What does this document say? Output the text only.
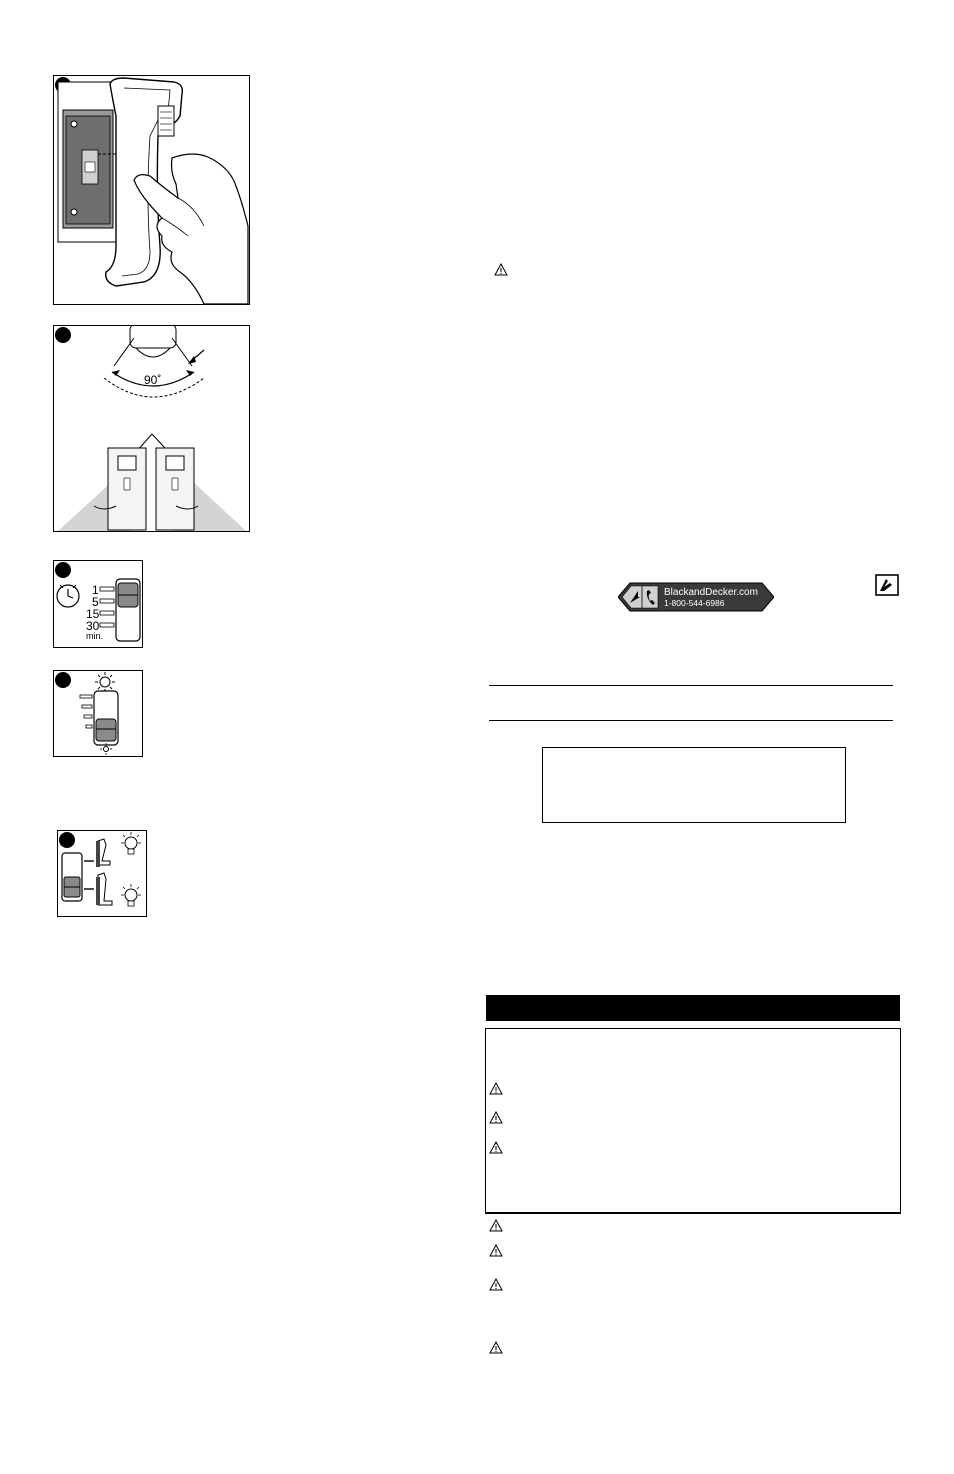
90˚
1
5
15
30
min.
BlackandDecker.com
1-800-544-6986
